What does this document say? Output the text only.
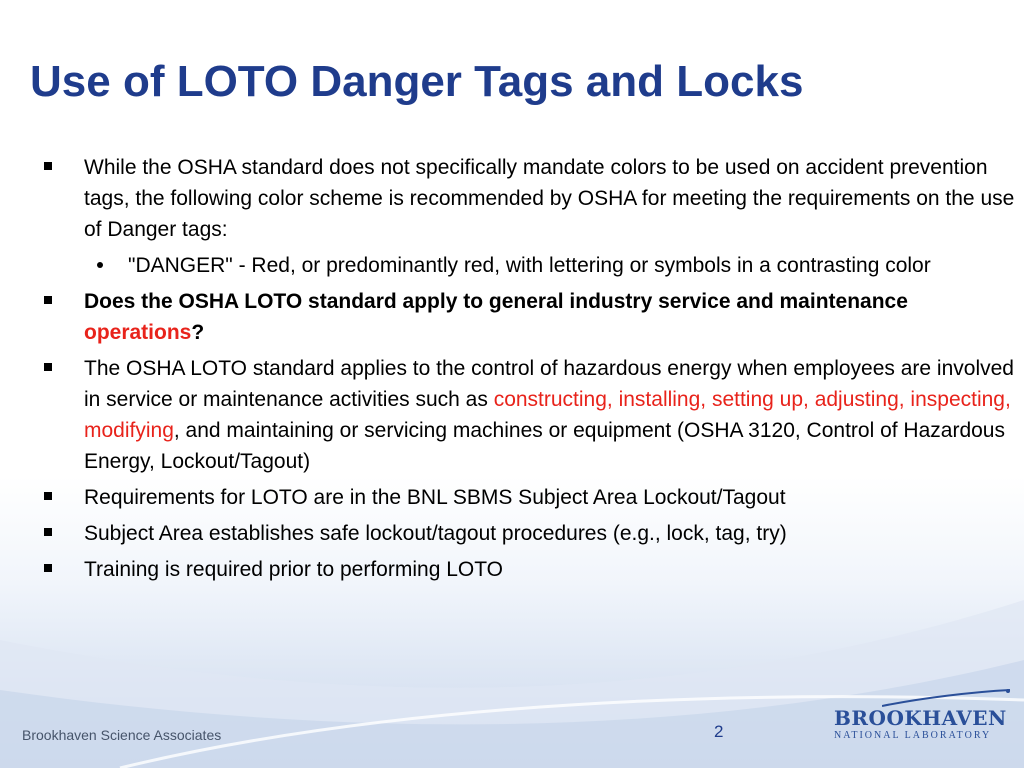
Use of LOTO Danger Tags and Locks
While the OSHA standard does not specifically mandate colors to be used on accident prevention tags, the following color scheme is recommended by OSHA for meeting the requirements on the use of Danger tags:
"DANGER" - Red, or predominantly red, with lettering or symbols in a contrasting color
Does the OSHA LOTO standard apply to general industry service and maintenance operations?
The OSHA LOTO standard applies to the control of hazardous energy when employees are involved in service or maintenance activities such as constructing, installing, setting up, adjusting, inspecting, modifying, and maintaining or servicing machines or equipment (OSHA 3120, Control of Hazardous Energy, Lockout/Tagout)
Requirements for LOTO are in the BNL SBMS Subject Area Lockout/Tagout
Subject Area establishes safe lockout/tagout procedures (e.g., lock, tag, try)
Training is required prior to performing LOTO
Brookhaven Science Associates	2
BROOKHAVEN
NATIONAL LABORATORY
